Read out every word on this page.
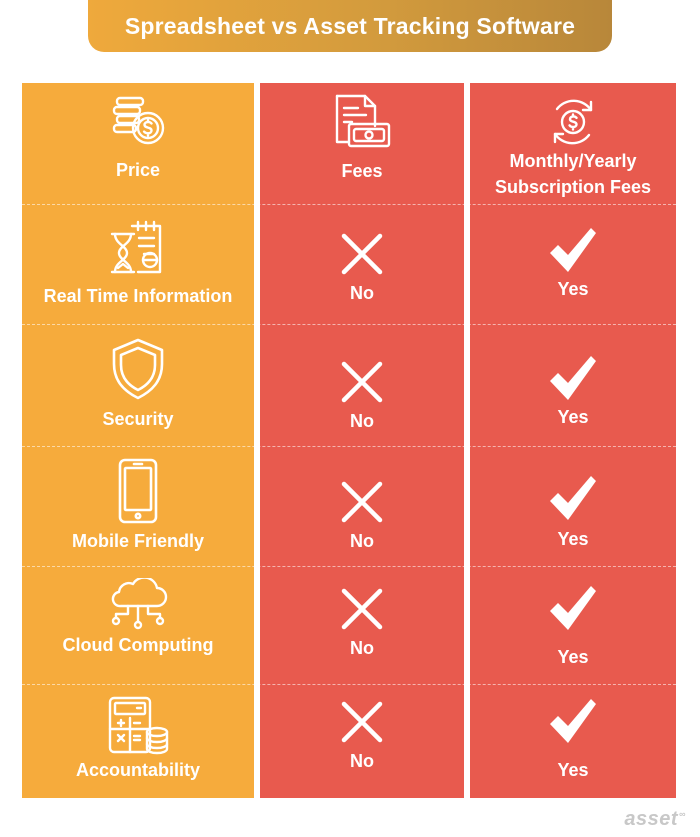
Spreadsheet vs Asset Tracking Software
Price	Fees	Monthly/Yearly
Subscription Fees
Real Time Information	No	Yes
Security	No	Yes
Mobile Friendly	No	Yes
Cloud Computing	No	Yes
Accountability	No	Yes
asset∞
